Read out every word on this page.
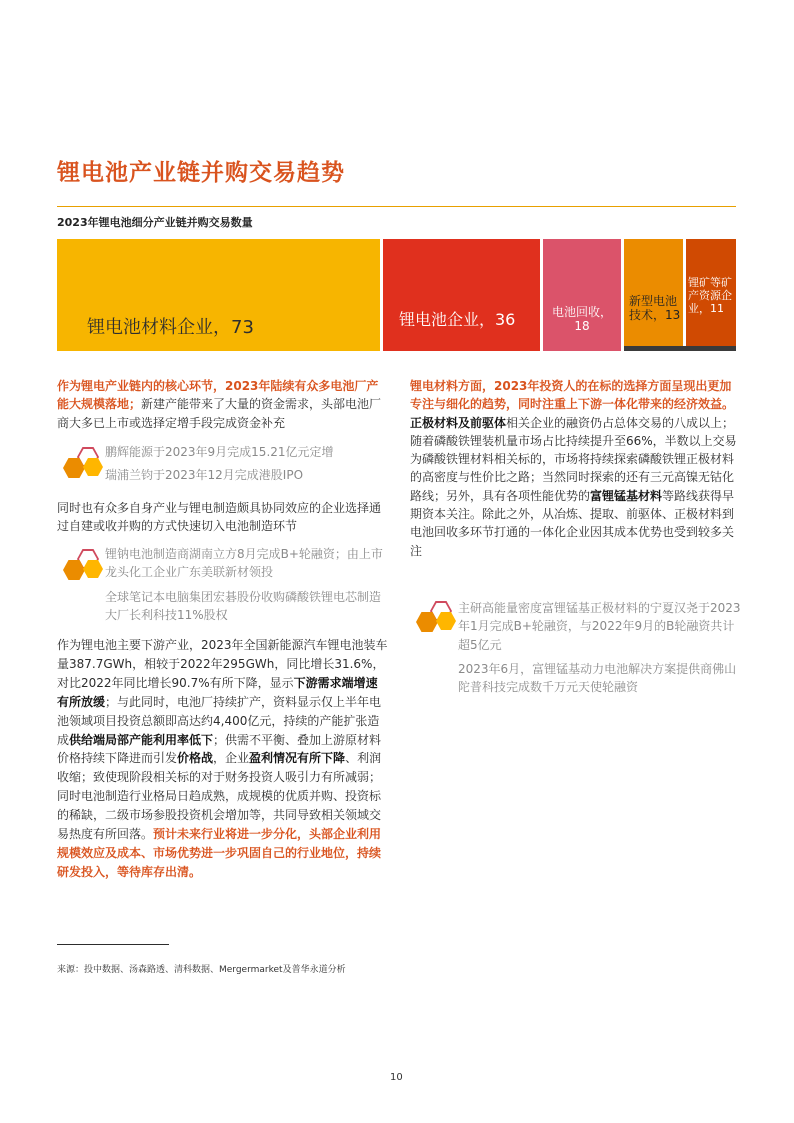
锂电池产业链并购交易趋势
2023年锂电池细分产业链并购交易数量
锂电池材料企业，73	锂电池企业，36	电池回收，18
新型电池技术，13
锂矿等矿产资源企业，11
作为锂电产业链内的核心环节，2023年陆续有众多电池厂产能大规模落地；新建产能带来了大量的资金需求，头部电池厂商大多已上市或选择定增手段完成资金补充
鹏辉能源于2023年9月完成15.21亿元定增
瑞浦兰钧于2023年12月完成港股IPO
同时也有众多自身产业与锂电制造颇具协同效应的企业选择通过自建或收并购的方式快速切入电池制造环节
锂钠电池制造商湖南立方8月完成B+轮融资；由上市龙头化工企业广东美联新材领投
全球笔记本电脑集团宏碁股份收购磷酸铁锂电芯制造大厂长利科技11%股权
作为锂电池主要下游产业，2023年全国新能源汽车锂电池装车量387.7GWh，相较于2022年295GWh，同比增长31.6%，对比2022年同比增长90.7%有所下降，显示下游需求端增速有所放缓；与此同时，电池厂持续扩产，资料显示仅上半年电池领域项目投资总额即高达约4,400亿元，持续的产能扩张造成供给端局部产能利用率低下；供需不平衡、叠加上游原材料价格持续下降进而引发价格战，企业盈利情况有所下降、利润收缩；致使现阶段相关标的对于财务投资人吸引力有所减弱；同时电池制造行业格局日趋成熟，成规模的优质并购、投资标的稀缺，二级市场参股投资机会增加等，共同导致相关领域交易热度有所回落。预计未来行业将进一步分化，头部企业利用规模效应及成本、市场优势进一步巩固自己的行业地位，持续研发投入，等待库存出清。
锂电材料方面，2023年投资人的在标的选择方面呈现出更加专注与细化的趋势，同时注重上下游一体化带来的经济效益。正极材料及前驱体相关企业的融资仍占总体交易的八成以上；随着磷酸铁锂装机量市场占比持续提升至66%，半数以上交易为磷酸铁锂材料相关标的，市场将持续探索磷酸铁锂正极材料的高密度与性价比之路；当然同时探索的还有三元高镍无钴化路线；另外，具有各项性能优势的富锂锰基材料等路线获得早期资本关注。除此之外，从冶炼、提取、前驱体、正极材料到电池回收多环节打通的一体化企业因其成本优势也受到较多关注
主研高能量密度富锂锰基正极材料的宁夏汉尧于2023年1月完成B+轮融资，与2022年9月的B轮融资共计超5亿元
2023年6月，富锂锰基动力电池解决方案提供商佛山陀普科技完成数千万元天使轮融资
来源：投中数据、汤森路透、清科数据、Mergermarket及普华永道分析
10
